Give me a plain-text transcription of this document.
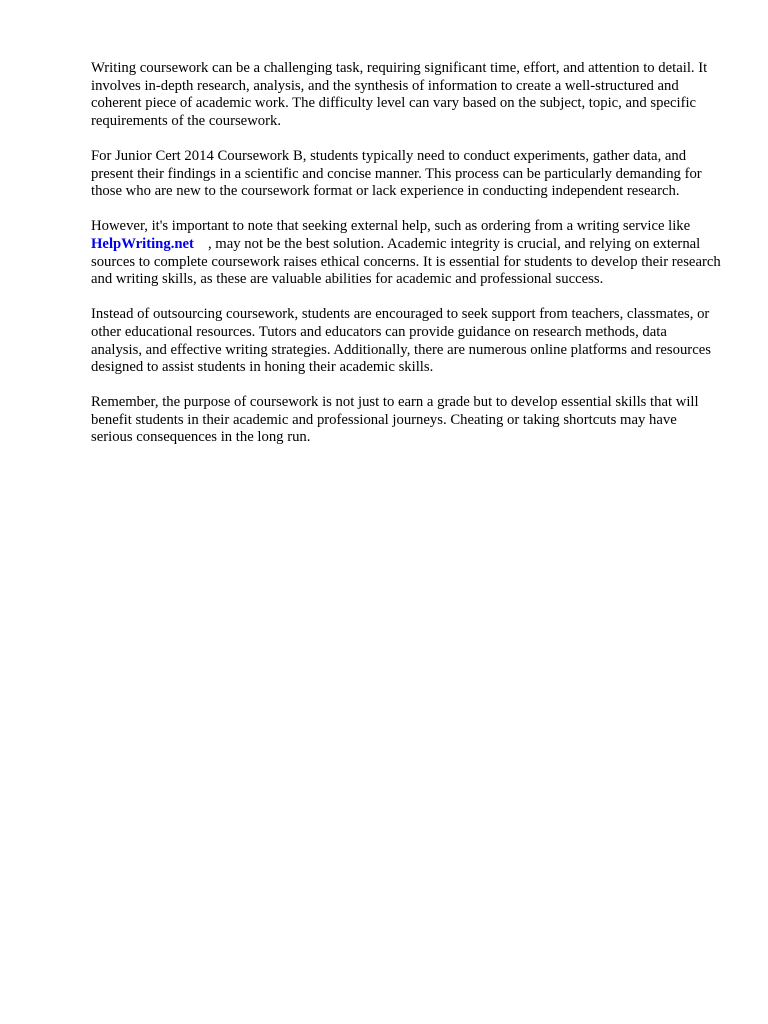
Writing coursework can be a challenging task, requiring significant time, effort, and attention to detail. It involves in-depth research, analysis, and the synthesis of information to create a well-structured and coherent piece of academic work. The difficulty level can vary based on the subject, topic, and specific requirements of the coursework.

For Junior Cert 2014 Coursework B, students typically need to conduct experiments, gather data, and present their findings in a scientific and concise manner. This process can be particularly demanding for those who are new to the coursework format or lack experience in conducting independent research.

However, it's important to note that seeking external help, such as ordering from a writing service likeHelpWriting.net , may not be the best solution. Academic integrity is crucial, and relying on external sources to complete coursework raises ethical concerns. It is essential for students to develop their research and writing skills, as these are valuable abilities for academic and professional success.

Instead of outsourcing coursework, students are encouraged to seek support from teachers, classmates, or other educational resources. Tutors and educators can provide guidance on research methods, data analysis, and effective writing strategies. Additionally, there are numerous online platforms and resources designed to assist students in honing their academic skills.

Remember, the purpose of coursework is not just to earn a grade but to develop essential skills that will benefit students in their academic and professional journeys. Cheating or taking shortcuts may have serious consequences in the long run.
